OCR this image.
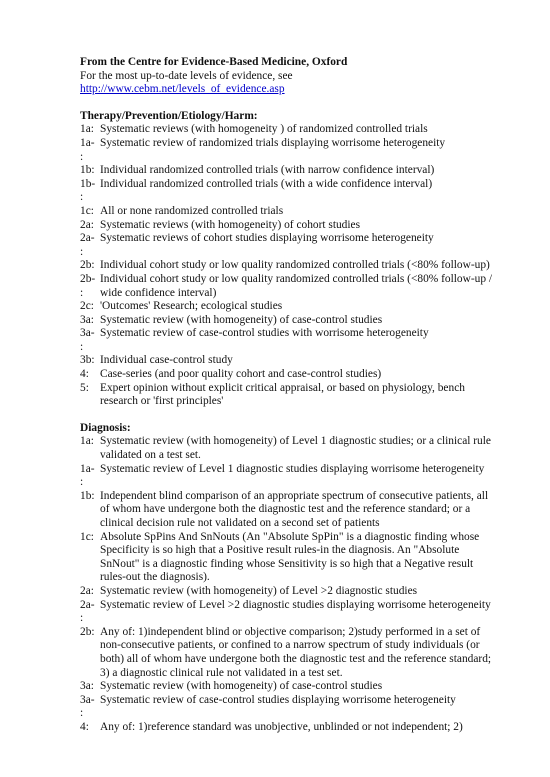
From the Centre for Evidence-Based Medicine, Oxford

For the most up-to-date levels of evidence, see

http://www.cebm.net/levels_of_evidence.asp

Therapy/Prevention/Etiology/Harm:

1a: Systematic reviews (with homogeneity ) of randomized controlled trials
1a-
:
Systematic review of randomized trials displaying worrisome heterogeneity
1b: Individual randomized controlled trials (with narrow confidence interval)
1b-
:
Individual randomized controlled trials (with a wide confidence interval)
1c: All or none randomized controlled trials
2a: Systematic reviews (with homogeneity) of cohort studies
2a-
:
Systematic reviews of cohort studies displaying worrisome heterogeneity
2b: Individual cohort study or low quality randomized controlled trials (<80% follow-up)
2b-
:
Individual cohort study or low quality randomized controlled trials (<80% follow-up / wide confidence interval)
2c: 'Outcomes' Research; ecological studies
3a: Systematic review (with homogeneity) of case-control studies
3a-
:
Systematic review of case-control studies with worrisome heterogeneity
3b: Individual case-control study
4: Case-series (and poor quality cohort and case-control studies)
5: Expert opinion without explicit critical appraisal, or based on physiology, bench research or 'first principles'

Diagnosis:

1a: Systematic review (with homogeneity) of Level 1 diagnostic studies; or a clinical rule validated on a test set.
1a-
:
Systematic review of Level 1 diagnostic studies displaying worrisome heterogeneity
1b: Independent blind comparison of an appropriate spectrum of consecutive patients, all of whom have undergone both the diagnostic test and the reference standard; or a clinical decision rule not validated on a second set of patients
1c: Absolute SpPins And SnNouts (An "Absolute SpPin" is a diagnostic finding whose Specificity is so high that a Positive result rules-in the diagnosis. An "Absolute SnNout" is a diagnostic finding whose Sensitivity is so high that a Negative result rules-out the diagnosis).
2a: Systematic review (with homogeneity) of Level >2 diagnostic studies
2a-
:
Systematic review of Level >2 diagnostic studies displaying worrisome heterogeneity
2b: Any of: 1)independent blind or objective comparison; 2)study performed in a set of non-consecutive patients, or confined to a narrow spectrum of study individuals (or both) all of whom have undergone both the diagnostic test and the reference standard; 3) a diagnostic clinical rule not validated in a test set.
3a: Systematic review (with homogeneity) of case-control studies
3a-
:
Systematic review of case-control studies displaying worrisome heterogeneity
4: Any of: 1)reference standard was unobjective, unblinded or not independent; 2)
